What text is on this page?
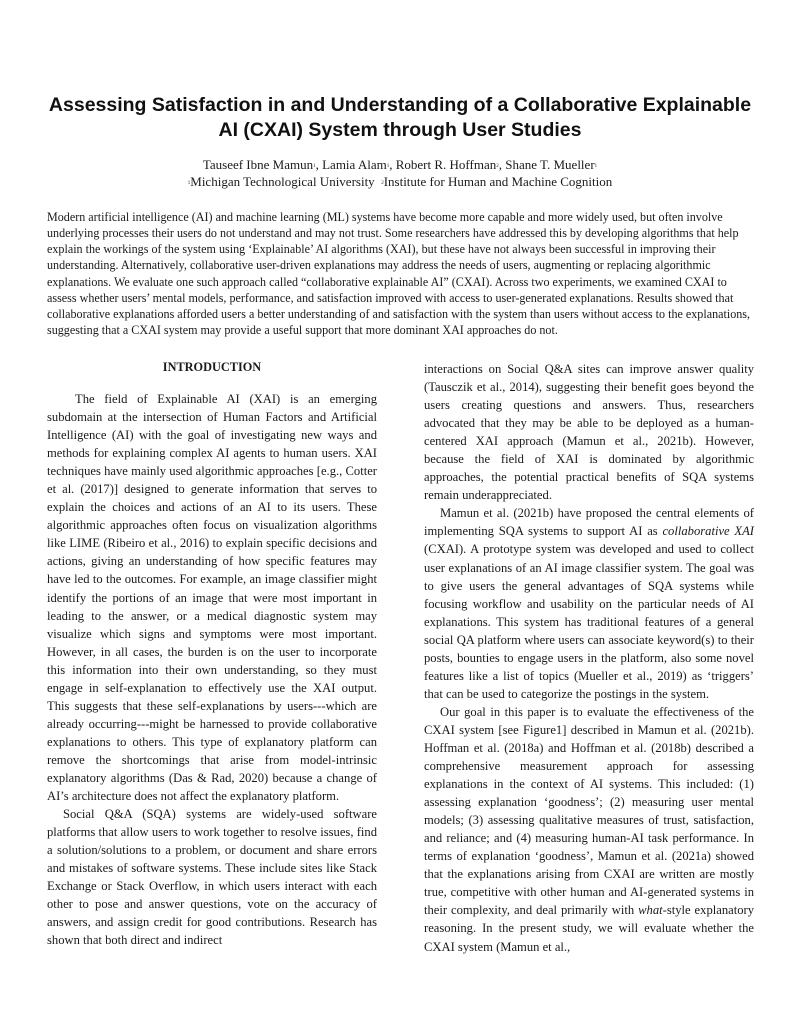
Assessing Satisfaction in and Understanding of a Collaborative Explainable AI (CXAI) System through User Studies
Tauseef Ibne Mamun$^1$, Lamia Alam$^1$, Robert R. Hoffman$^2$, Shane T. Mueller$^1$
$^1$Michigan Technological University $^2$Institute for Human and Machine Cognition
Modern artificial intelligence (AI) and machine learning (ML) systems have become more capable and more widely used, but often involve underlying processes their users do not understand and may not trust. Some researchers have addressed this by developing algorithms that help explain the workings of the system using ‘Explainable’ AI algorithms (XAI), but these have not always been successful in improving their understanding. Alternatively, collaborative user-driven explanations may address the needs of users, augmenting or replacing algorithmic explanations. We evaluate one such approach called “collaborative explainable AI” (CXAI). Across two experiments, we examined CXAI to assess whether users’ mental models, performance, and satisfaction improved with access to user-generated explanations. Results showed that collaborative explanations afforded users a better understanding of and satisfaction with the system than users without access to the explanations, suggesting that a CXAI system may provide a useful support that more dominant XAI approaches do not.
INTRODUCTION

The field of Explainable AI (XAI) is an emerging subdomain at the intersection of Human Factors and Artificial Intelligence (AI) with the goal of investigating new ways and methods for explaining complex AI agents to human users. XAI techniques have mainly used algorithmic approaches [e.g., Cotter et al. (2017)] designed to generate information that serves to explain the choices and actions of an AI to its users. These algorithmic approaches often focus on visualization algorithms like LIME (Ribeiro et al., 2016) to explain specific decisions and actions, giving an understanding of how specific features may have led to the outcomes. For example, an image classifier might identify the portions of an image that were most important in leading to the answer, or a medical diagnostic system may visualize which signs and symptoms were most important. However, in all cases, the burden is on the user to incorporate this information into their own understanding, so they must engage in self-explanation to effectively use the XAI output. This suggests that these self-explanations by users---which are already occurring---might be harnessed to provide collaborative explanations to others. This type of explanatory platform can remove the shortcomings that arise from model-intrinsic explanatory algorithms (Das & Rad, 2020) because a change of AI’s architecture does not affect the explanatory platform.

Social Q&A (SQA) systems are widely-used software platforms that allow users to work together to resolve issues, find a solution/solutions to a problem, or document and share errors and mistakes of software systems. These include sites like Stack Exchange or Stack Overflow, in which users interact with each other to pose and answer questions, vote on the accuracy of answers, and assign credit for good contributions. Research has shown that both direct and indirect

interactions on Social Q&A sites can improve answer quality (Tausczik et al., 2014), suggesting their benefit goes beyond the users creating questions and answers. Thus, researchers advocated that they may be able to be deployed as a human-centered XAI approach (Mamun et al., 2021b). However, because the field of XAI is dominated by algorithmic approaches, the potential practical benefits of SQA systems remain underappreciated.

Mamun et al. (2021b) have proposed the central elements of implementing SQA systems to support AI as collaborative XAI (CXAI). A prototype system was developed and used to collect user explanations of an AI image classifier system. The goal was to give users the general advantages of SQA systems while focusing workflow and usability on the particular needs of AI explanations. This system has traditional features of a general social QA platform where users can associate keyword(s) to their posts, bounties to engage users in the platform, also some novel features like a list of topics (Mueller et al., 2019) as ‘triggers’ that can be used to categorize the postings in the system.

Our goal in this paper is to evaluate the effectiveness of the CXAI system [see Figure1] described in Mamun et al. (2021b). Hoffman et al. (2018a) and Hoffman et al. (2018b) described a comprehensive measurement approach for assessing explanations in the context of AI systems. This included: (1) assessing explanation ‘goodness’; (2) measuring user mental models; (3) assessing qualitative measures of trust, satisfaction, and reliance; and (4) measuring human-AI task performance. In terms of explanation ‘goodness’, Mamun et al. (2021a) showed that the explanations arising from CXAI are written are mostly true, competitive with other human and AI-generated systems in their complexity, and deal primarily with what-style explanatory reasoning. In the present study, we will evaluate whether the CXAI system (Mamun et al.,
